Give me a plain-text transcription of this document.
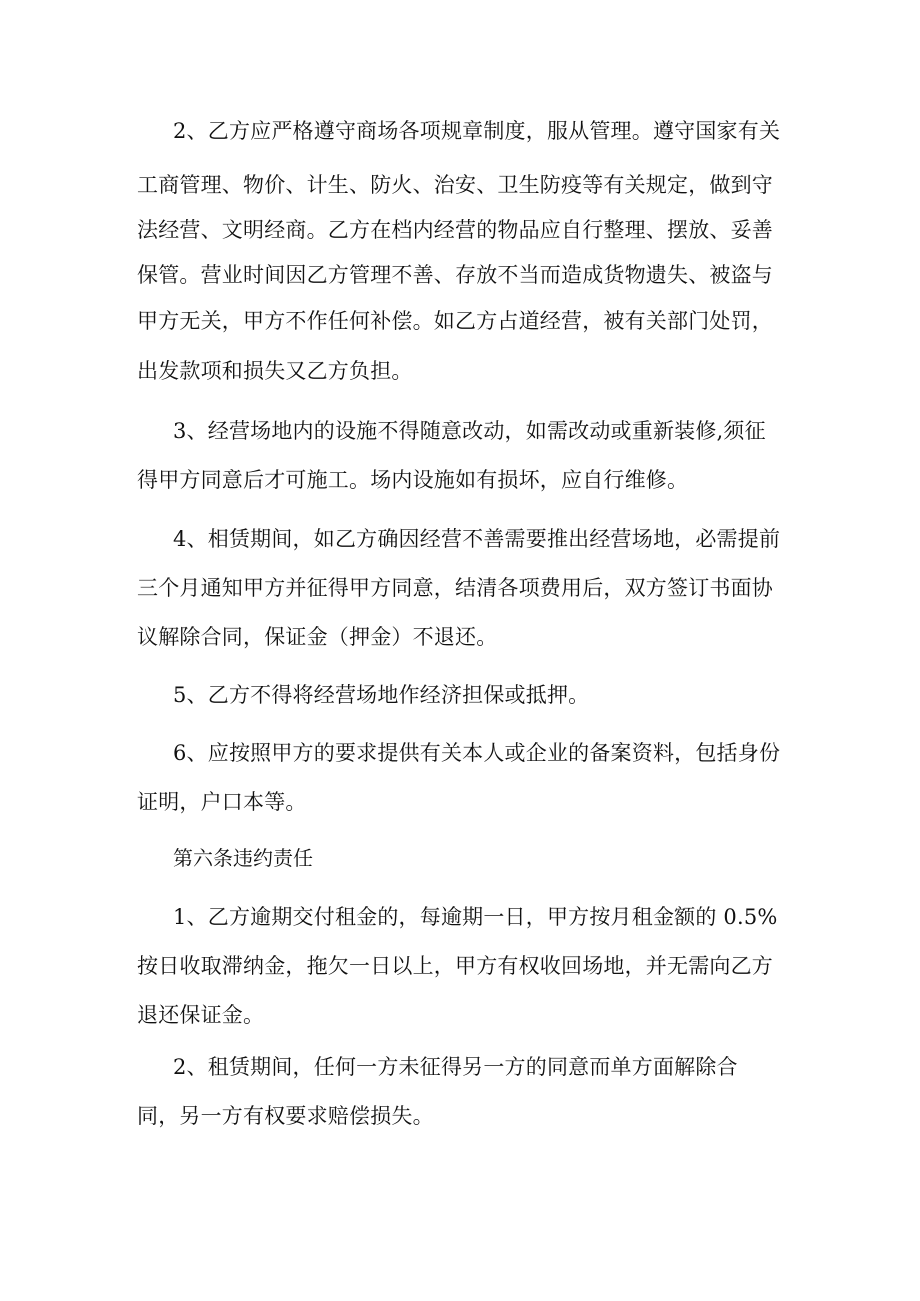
2、乙方应严格遵守商场各项规章制度，服从管理。遵守国家有关

工商管理、物价、计生、防火、治安、卫生防疫等有关规定，做到守

法经营、文明经商。乙方在档内经营的物品应自行整理、摆放、妥善

保管。营业时间因乙方管理不善、存放不当而造成货物遗失、被盗与

甲方无关，甲方不作任何补偿。如乙方占道经营，被有关部门处罚，

出发款项和损失又乙方负担。

3、经营场地内的设施不得随意改动，如需改动或重新装修,须征

得甲方同意后才可施工。场内设施如有损坏，应自行维修。

4、相赁期间，如乙方确因经营不善需要推出经营场地，必需提前

三个月通知甲方并征得甲方同意，结清各项费用后，双方签订书面协

议解除合同，保证金（押金）不退还。

5、乙方不得将经营场地作经济担保或抵押。

6、应按照甲方的要求提供有关本人或企业的备案资料，包括身份

证明，户口本等。

第六条违约责任

1、乙方逾期交付租金的，每逾期一日，甲方按月租金额的 0.5%

按日收取滞纳金，拖欠一日以上，甲方有权收回场地，并无需向乙方

退还保证金。

2、租赁期间，任何一方未征得另一方的同意而单方面解除合

同，另一方有权要求赔偿损失。
